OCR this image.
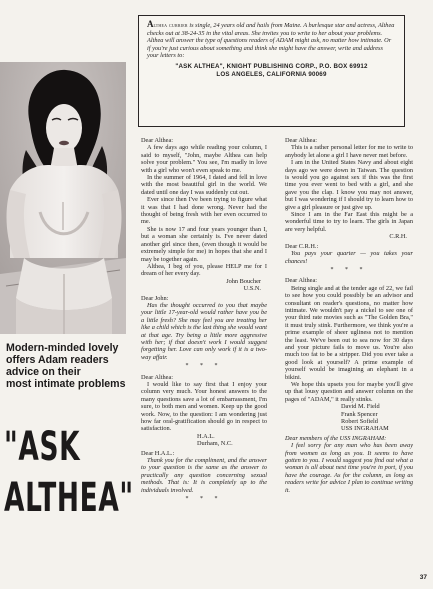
Althea currier is single, 24 years old and hails from Maine. A burlesque star and actress, Althea checks out at 38-24-35 in the vital areas. She invites you to write to her about your problems. Althea will answer the type of questions readers of ADAM might ask, no matter how intimate. Or if you're just curious about something and think she might have the answer, write and address your letters to:

"ASK ALTHEA", KNIGHT PUBLISHING CORP., P.O. BOX 69912
LOS ANGELES, CALIFORNIA 90069
Modern-minded lovely
offers Adam readers
advice on their
most intimate problems
"ASK
ALTHEA"

Dear Althea:

A few days ago while reading your column, I said to myself, "John, maybe Althea can help solve your problem." You see, I'm madly in love with a girl who won't even speak to me.

In the summer of 1964, I dated and fell in love with the most beautiful girl in the world. We dated until one day I was suddenly cut out.

Ever since then I've been trying to figure what it was that I had done wrong. Never had the thought of being fresh with her even occurred to me.

She is now 17 and four years younger than I, but a woman she certainly is. I've never dated another girl since then, (even though it would be extremely simple for me) in hopes that she and I may be together again.

Althea, I beg of you, please HELP me for I dream of her every day.

John Boucher

U.S.N.

Dear John:

Has the thought occurred to you that maybe your little 17-year-old would rather have you be a little fresh? She may feel you are treating her like a child which is the last thing she would want at that age. Try being a little more aggressive with her; if that doesn't work I would suggest forgetting her. Love can only work if it is a two-way affair.

* * *

Dear Althea:

I would like to say first that I enjoy your column very much. Your honest answers to the many questions save a lot of embarrassment, I'm sure, to both men and women. Keep up the good work. Now, to the question: I am wondering just how far oral-gratification should go in respect to satisfaction.

H.A.L.

Durham, N.C.

Dear H.A.L.:

Thank you for the compliment, and the answer to your question is the same as the answer to practically any question concerning sexual methods. That is: It is completely up to the individuals involved.

* * *

Dear Althea:

This is a rather personal letter for me to write to anybody let alone a girl I have never met before.

I am in the United States Navy and about eight days ago we were down in Taiwan. The question is would you go against sex if this was the first time you ever went to bed with a girl, and she gave you the clap. I know you may not answer, but I was wondering if I should try to learn how to give a girl pleasure or just give up.

Since I am in the Far East this might be a wonderful time to try to learn. The girls in Japan are very helpful.

C.R.H.

Dear C.R.H.:

You pays your quarter — you takes your chances!

* * *

Dear Althea:

Being single and at the tender age of 22, we fail to see how you could possibly be an advisor and consultant on reader's questions, no matter how intimate. We wouldn't pay a nickel to see one of your third rate movies such as "The Golden Bra," it must truly stink. Furthermore, we think you're a prime example of sheer ugliness not to mention the least. We've been out to sea now for 30 days and your picture fails to move us. You're also much too fat to be a stripper. Did you ever take a good look at yourself? A prime example of yourself would be imagining an elephant in a bikini.

We hope this upsets you for maybe you'll give up that lousy question and answer column on the pages of "ADAM," it really stinks.

David M. Field

Frank Spencer

Robert Sofield

USS INGRAHAM

Dear members of the USS INGRAHAM:

I feel sorry for any man who has been away from women as long as you. It seems to have gotten to you. I would suggest you find out what a woman is all about next time you're in port, if you have the courage. As for the column, as long as readers write for advice I plan to continue writing it.

37
